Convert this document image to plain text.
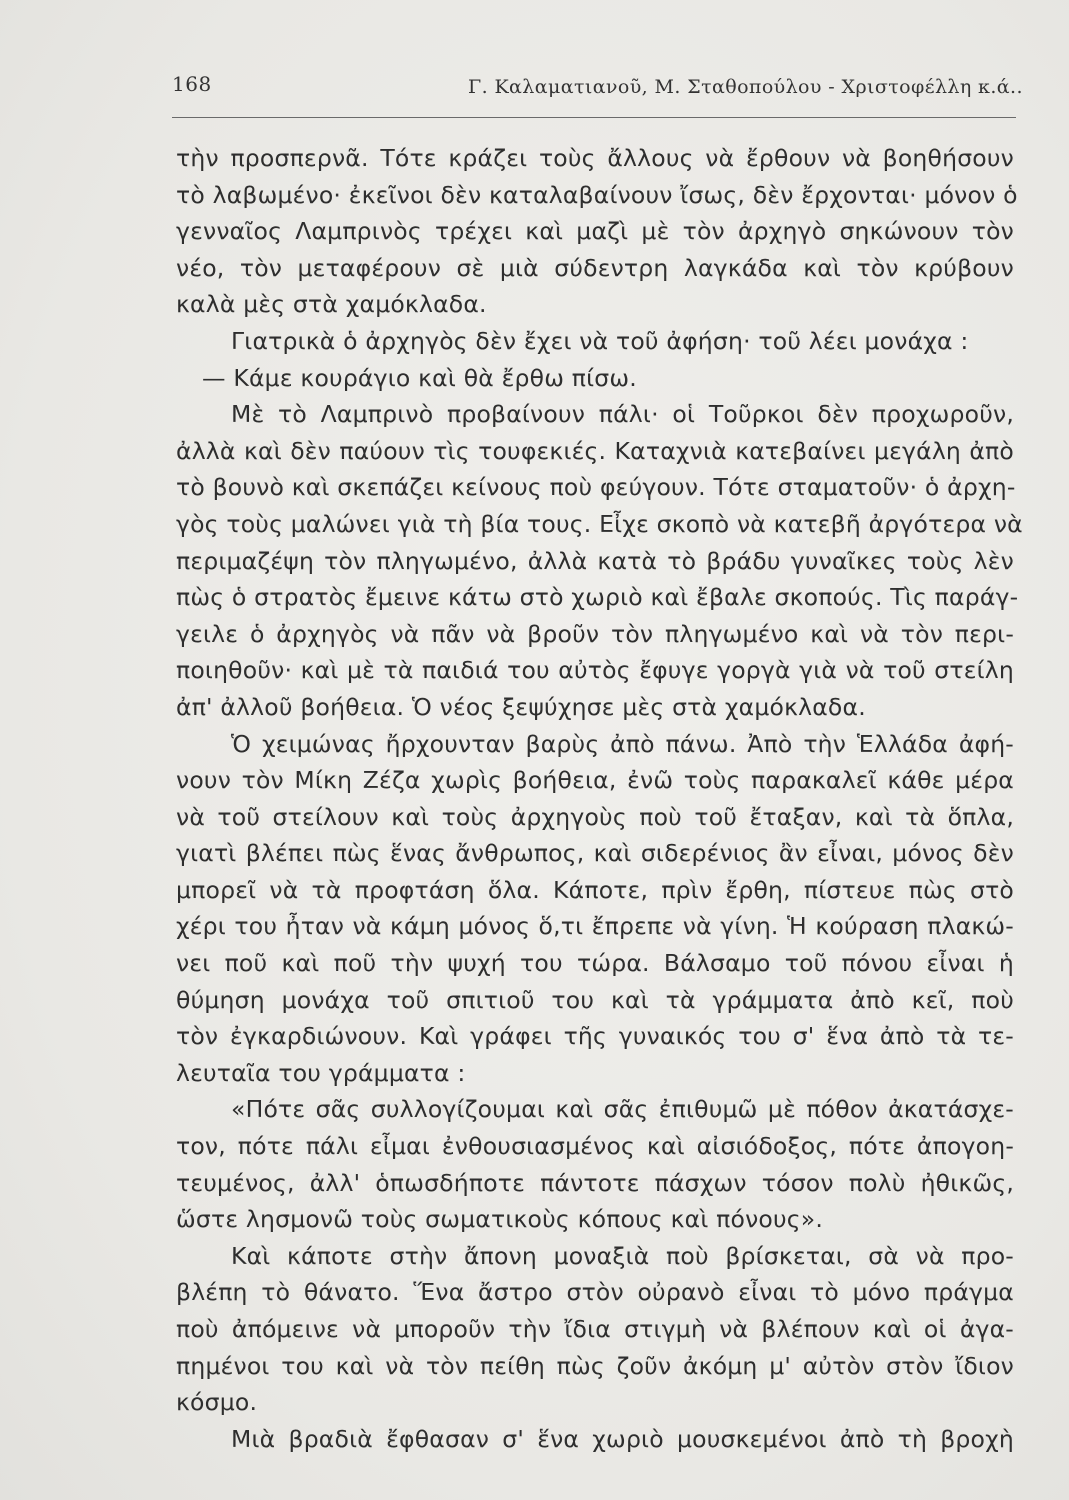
168	Γ. Καλαματιανοῦ, Μ. Σταθοπούλου - Χριστοφέλλη κ.ά..
τὴν προσπερνᾶ. Τότε κράζει τοὺς ἄλλους νὰ ἔρθουν νὰ βοηθήσουν
τὸ λαβωμένο· ἐκεῖνοι δὲν καταλαβαίνουν ἴσως, δὲν ἔρχονται· μόνον ὁ
γενναῖος Λαμπρινὸς τρέχει καὶ μαζὶ μὲ τὸν ἀρχηγὸ σηκώνουν τὸν
νέο, τὸν μεταφέρουν σὲ μιὰ σύδεντρη λαγκάδα καὶ τὸν κρύβουν
καλὰ μὲς στὰ χαμόκλαδα.
Γιατρικὰ ὁ ἀρχηγὸς δὲν ἔχει νὰ τοῦ ἀφήση· τοῦ λέει μονάχα :
— Κάμε κουράγιο καὶ θὰ ἔρθω πίσω.
Μὲ τὸ Λαμπρινὸ προβαίνουν πάλι· οἱ Τοῦρκοι δὲν προχωροῦν,
ἀλλὰ καὶ δὲν παύουν τὶς τουφεκιές. Καταχνιὰ κατεβαίνει μεγάλη ἀπὸ
τὸ βουνὸ καὶ σκεπάζει κείνους ποὺ φεύγουν. Τότε σταματοῦν· ὁ ἀρχη-
γὸς τοὺς μαλώνει γιὰ τὴ βία τους. Εἶχε σκοπὸ νὰ κατεβῆ ἀργότερα νὰ
περιμαζέψη τὸν πληγωμένο, ἀλλὰ κατὰ τὸ βράδυ γυναῖκες τοὺς λὲν
πὼς ὁ στρατὸς ἔμεινε κάτω στὸ χωριὸ καὶ ἔβαλε σκοπούς. Τὶς παράγ-
γειλε ὁ ἀρχηγὸς νὰ πᾶν νὰ βροῦν τὸν πληγωμένο καὶ νὰ τὸν περι-
ποιηθοῦν· καὶ μὲ τὰ παιδιά του αὐτὸς ἔφυγε γοργὰ γιὰ νὰ τοῦ στείλη
ἀπ' ἀλλοῦ βοήθεια. Ὁ νέος ξεψύχησε μὲς στὰ χαμόκλαδα.
Ὁ χειμώνας ἤρχουνταν βαρὺς ἀπὸ πάνω. Ἀπὸ τὴν Ἑλλάδα ἀφή-
νουν τὸν Μίκη Ζέζα χωρὶς βοήθεια, ἐνῶ τοὺς παρακαλεῖ κάθε μέρα
νὰ τοῦ στείλουν καὶ τοὺς ἀρχηγοὺς ποὺ τοῦ ἔταξαν, καὶ τὰ ὅπλα,
γιατὶ βλέπει πὼς ἕνας ἄνθρωπος, καὶ σιδερένιος ἂν εἶναι, μόνος δὲν
μπορεῖ νὰ τὰ προφτάση ὅλα. Κάποτε, πρὶν ἔρθη, πίστευε πὼς στὸ
χέρι του ἦταν νὰ κάμη μόνος ὅ,τι ἔπρεπε νὰ γίνη. Ἡ κούραση πλακώ-
νει ποῦ καὶ ποῦ τὴν ψυχή του τώρα. Βάλσαμο τοῦ πόνου εἶναι ἡ
θύμηση μονάχα τοῦ σπιτιοῦ του καὶ τὰ γράμματα ἀπὸ κεῖ, ποὺ
τὸν ἐγκαρδιώνουν. Καὶ γράφει τῆς γυναικός του σ' ἕνα ἀπὸ τὰ τε-
λευταῖα του γράμματα :
«Πότε σᾶς συλλογίζουμαι καὶ σᾶς ἐπιθυμῶ μὲ πόθον ἀκατάσχε-
τον, πότε πάλι εἶμαι ἐνθουσιασμένος καὶ αἰσιόδοξος, πότε ἀπογοη-
τευμένος, ἀλλ' ὁπωσδήποτε πάντοτε πάσχων τόσον πολὺ ἠθικῶς,
ὥστε λησμονῶ τοὺς σωματικοὺς κόπους καὶ πόνους».
Καὶ κάποτε στὴν ἄπονη μοναξιὰ ποὺ βρίσκεται, σὰ νὰ προ-
βλέπη τὸ θάνατο. Ἕνα ἄστρο στὸν οὐρανὸ εἶναι τὸ μόνο πράγμα
ποὺ ἀπόμεινε νὰ μποροῦν τὴν ἴδια στιγμὴ νὰ βλέπουν καὶ οἱ ἀγα-
πημένοι του καὶ νὰ τὸν πείθη πὼς ζοῦν ἀκόμη μ' αὐτὸν στὸν ἴδιον
κόσμο.
Μιὰ βραδιὰ ἔφθασαν σ' ἕνα χωριὸ μουσκεμένοι ἀπὸ τὴ βροχὴ
